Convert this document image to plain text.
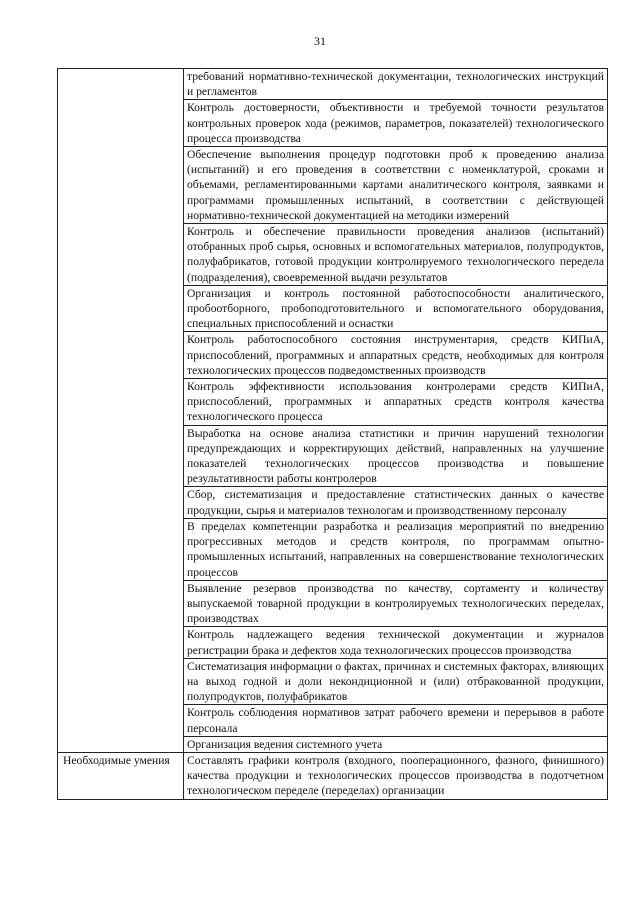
31

	требований нормативно-технической документации, технологических инструкций и регламентов

	Контроль достоверности, объективности и требуемой точности результатов контрольных проверок хода (режимов, параметров, показателей) технологического процесса производства

	Обеспечение выполнения процедур подготовки проб к проведению анализа (испытаний) и его проведения в соответствии с номенклатурой, сроками и объемами, регламентированными картами аналитического контроля, заявками и программами промышленных испытаний, в соответствии с действующей нормативно-технической документацией на методики измерений

	Контроль и обеспечение правильности проведения анализов (испытаний) отобранных проб сырья, основных и вспомогательных материалов, полупродуктов, полуфабрикатов, готовой продукции контролируемого технологического передела (подразделения), своевременной выдачи результатов

	Организация и контроль постоянной работоспособности аналитического, пробоотборного, пробоподготовительного и вспомогательного оборудования, специальных приспособлений и оснастки

	Контроль работоспособного состояния инструментария, средств КИПиА, приспособлений, программных и аппаратных средств, необходимых для контроля технологических процессов подведомственных производств

	Контроль эффективности использования контролерами средств КИПиА, приспособлений, программных и аппаратных средств контроля качества технологического процесса

	Выработка на основе анализа статистики и причин нарушений технологии предупреждающих и корректирующих действий, направленных на улучшение показателей технологических процессов производства и повышение результативности работы контролеров

	Сбор, систематизация и предоставление статистических данных о качестве продукции, сырья и материалов технологам и производственному персоналу

	В пределах компетенции разработка и реализация мероприятий по внедрению прогрессивных методов и средств контроля, по программам опытно-промышленных испытаний, направленных на совершенствование технологических процессов

	Выявление резервов производства по качеству, сортаменту и количеству выпускаемой товарной продукции в контролируемых технологических переделах, производствах

	Контроль надлежащего ведения технической документации и журналов регистрации брака и дефектов хода технологических процессов производства

	Систематизация информации о фактах, причинах и системных факторах, влияющих на выход годной и доли некондиционной и (или) отбракованной продукции, полупродуктов, полуфабрикатов

	Контроль соблюдения нормативов затрат рабочего времени и перерывов в работе персонала

	Организация ведения системного учета

Необходимые умения	Составлять графики контроля (входного, пооперационного, фазного, финишного) качества продукции и технологических процессов производства в подотчетном технологическом переделе (переделах) организации
